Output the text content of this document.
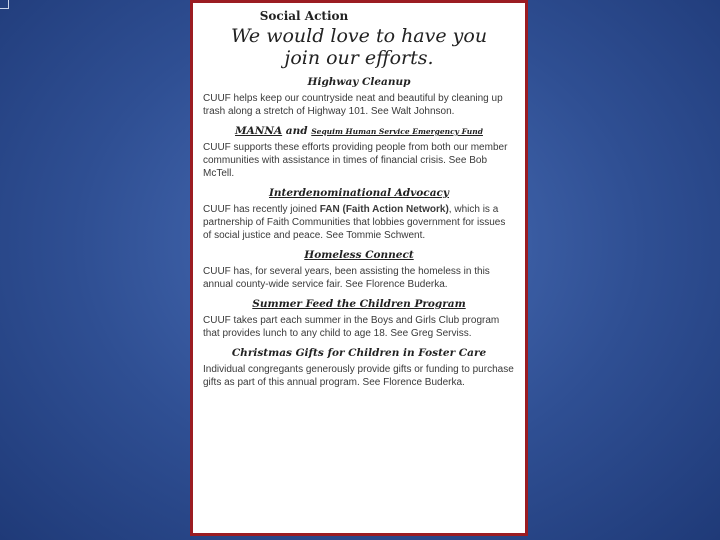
Social Action
We would love to have you
join our efforts.
Highway Cleanup

CUUF helps keep our countryside neat and beautiful by cleaning up trash along a stretch of Highway 101. See Walt Johnson.

MANNA and Sequim Human Service Emergency Fund

CUUF supports these efforts providing people from both our member communities with assistance in times of financial crisis. See Bob McTell.

Interdenominational Advocacy

CUUF has recently joined FAN (Faith Action Network), which is a partnership of Faith Communities that lobbies government for issues of social justice and peace. See Tommie Schwent.

Homeless Connect

CUUF has, for several years, been assisting the homeless in this annual county-wide service fair. See Florence Buderka.

Summer Feed the Children Program

CUUF takes part each summer in the Boys and Girls Club program that provides lunch to any child to age 18. See Greg Serviss.

Christmas Gifts for Children in Foster Care

Individual congregants generously provide gifts or funding to purchase gifts as part of this annual program. See Florence Buderka.
